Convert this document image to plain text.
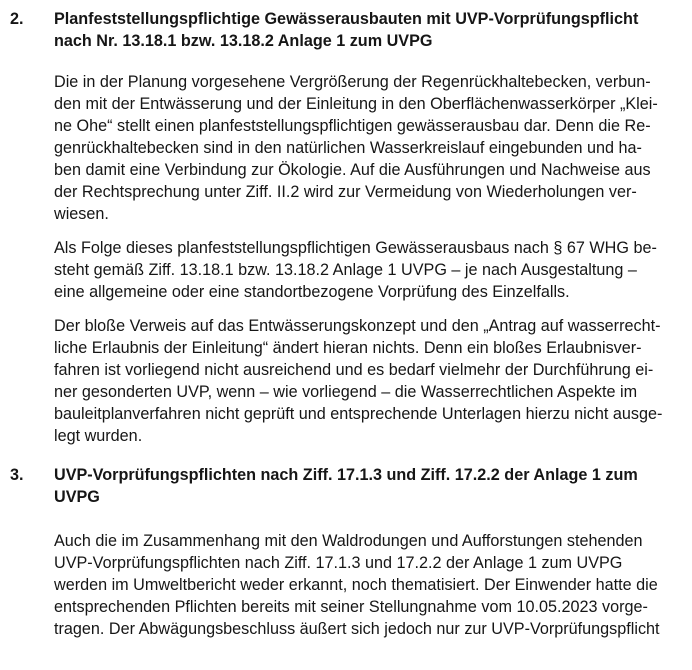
2.	Planfeststellungspflichtige Gewässerausbauten mit UVP-Vorprüfungspflicht
nach Nr. 13.18.1 bzw. 13.18.2 Anlage 1 zum UVPG
Die in der Planung vorgesehene Vergrößerung der Regenrückhaltebecken, verbun-
den mit der Entwässerung und der Einleitung in den Oberflächenwasserkörper „Klei-
ne Ohe“ stellt einen planfeststellungspflichtigen gewässerausbau dar. Denn die Re-
genrückhaltebecken sind in den natürlichen Wasserkreislauf eingebunden und ha-
ben damit eine Verbindung zur Ökologie. Auf die Ausführungen und Nachweise aus
der Rechtsprechung unter Ziff. II.2 wird zur Vermeidung von Wiederholungen ver-
wiesen.
Als Folge dieses planfeststellungspflichtigen Gewässerausbaus nach § 67 WHG be-
steht gemäß Ziff. 13.18.1 bzw. 13.18.2 Anlage 1 UVPG – je nach Ausgestaltung –
eine allgemeine oder eine standortbezogene Vorprüfung des Einzelfalls.
Der bloße Verweis auf das Entwässerungskonzept und den „Antrag auf wasserrecht-
liche Erlaubnis der Einleitung“ ändert hieran nichts. Denn ein bloßes Erlaubnisver-
fahren ist vorliegend nicht ausreichend und es bedarf vielmehr der Durchführung ei-
ner gesonderten UVP, wenn – wie vorliegend – die Wasserrechtlichen Aspekte im
bauleitplanverfahren nicht geprüft und entsprechende Unterlagen hierzu nicht ausge-
legt wurden.
3.	UVP-Vorprüfungspflichten nach Ziff. 17.1.3 und Ziff. 17.2.2 der Anlage 1 zum
UVPG
Auch die im Zusammenhang mit den Waldrodungen und Aufforstungen stehenden
UVP-Vorprüfungspflichten nach Ziff. 17.1.3 und 17.2.2 der Anlage 1 zum UVPG
werden im Umweltbericht weder erkannt, noch thematisiert. Der Einwender hatte die
entsprechenden Pflichten bereits mit seiner Stellungnahme vom 10.05.2023 vorge-
tragen. Der Abwägungsbeschluss äußert sich jedoch nur zur UVP-Vorprüfungspflicht
